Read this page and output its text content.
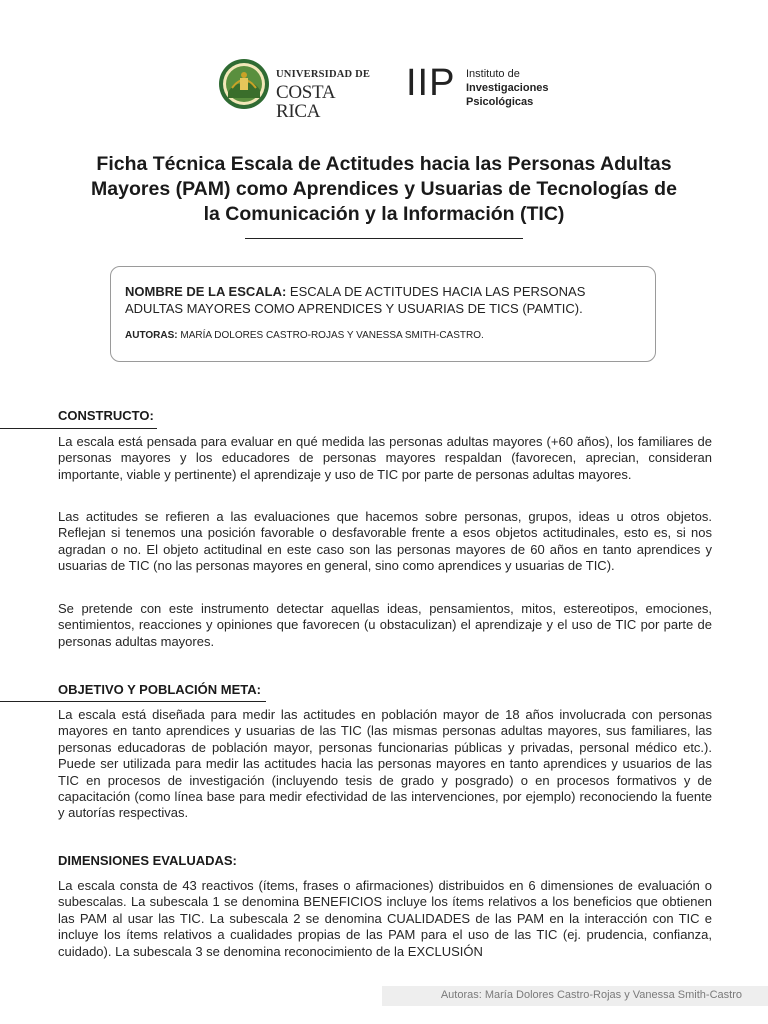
UNIVERSIDAD DE
COSTA RICA
IIP Instituto de
Investigaciones
Psicológicas
Ficha Técnica Escala de Actitudes hacia las Personas Adultas Mayores (PAM) como Aprendices y Usuarias de Tecnologías de la Comunicación y la Información (TIC)

NOMBRE DE LA ESCALA: ESCALA DE ACTITUDES HACIA LAS PERSONAS ADULTAS MAYORES COMO APRENDICES Y USUARIAS DE TICS (PAMTIC).

AUTORAS: MARÍA DOLORES CASTRO-ROJAS Y VANESSA SMITH-CASTRO.

CONSTRUCTO:

La escala está pensada para evaluar en qué medida las personas adultas mayores (+60 años), los familiares de personas mayores y los educadores de personas mayores respaldan (favorecen, aprecian, consideran importante, viable y pertinente) el aprendizaje y uso de TIC por parte de personas adultas mayores.

Las actitudes se refieren a las evaluaciones que hacemos sobre personas, grupos, ideas u otros objetos. Reflejan si tenemos una posición favorable o desfavorable frente a esos objetos actitudinales, esto es, si nos agradan o no. El objeto actitudinal en este caso son las personas mayores de 60 años en tanto aprendices y usuarias de TIC (no las personas mayores en general, sino como aprendices y usuarias de TIC).

Se pretende con este instrumento detectar aquellas ideas, pensamientos, mitos, estereotipos, emociones, sentimientos, reacciones y opiniones que favorecen (u obstaculizan) el aprendizaje y el uso de TIC por parte de personas adultas mayores.

OBJETIVO Y POBLACIÓN META:

La escala está diseñada para medir las actitudes en población mayor de 18 años involucrada con personas mayores en tanto aprendices y usuarias de las TIC (las mismas personas adultas mayores, sus familiares, las personas educadoras de población mayor, personas funcionarias públicas y privadas, personal médico etc.). Puede ser utilizada para medir las actitudes hacia las personas mayores en tanto aprendices y usuarios de las TIC en procesos de investigación (incluyendo tesis de grado y posgrado) o en procesos formativos y de capacitación (como línea base para medir efectividad de las intervenciones, por ejemplo) reconociendo la fuente y autorías respectivas.

DIMENSIONES EVALUADAS:

La escala consta de 43 reactivos (ítems, frases o afirmaciones) distribuidos en 6 dimensiones de evaluación o subescalas. La subescala 1 se denomina BENEFICIOS incluye los ítems relativos a los beneficios que obtienen las PAM al usar las TIC. La subescala 2 se denomina CUALIDADES de las PAM en la interacción con TIC e incluye los ítems relativos a cualidades propias de las PAM para el uso de las TIC (ej. prudencia, confianza, cuidado). La subescala 3 se denomina reconocimiento de la EXCLUSIÓN

Autoras: María Dolores Castro-Rojas y Vanessa Smith-Castro
